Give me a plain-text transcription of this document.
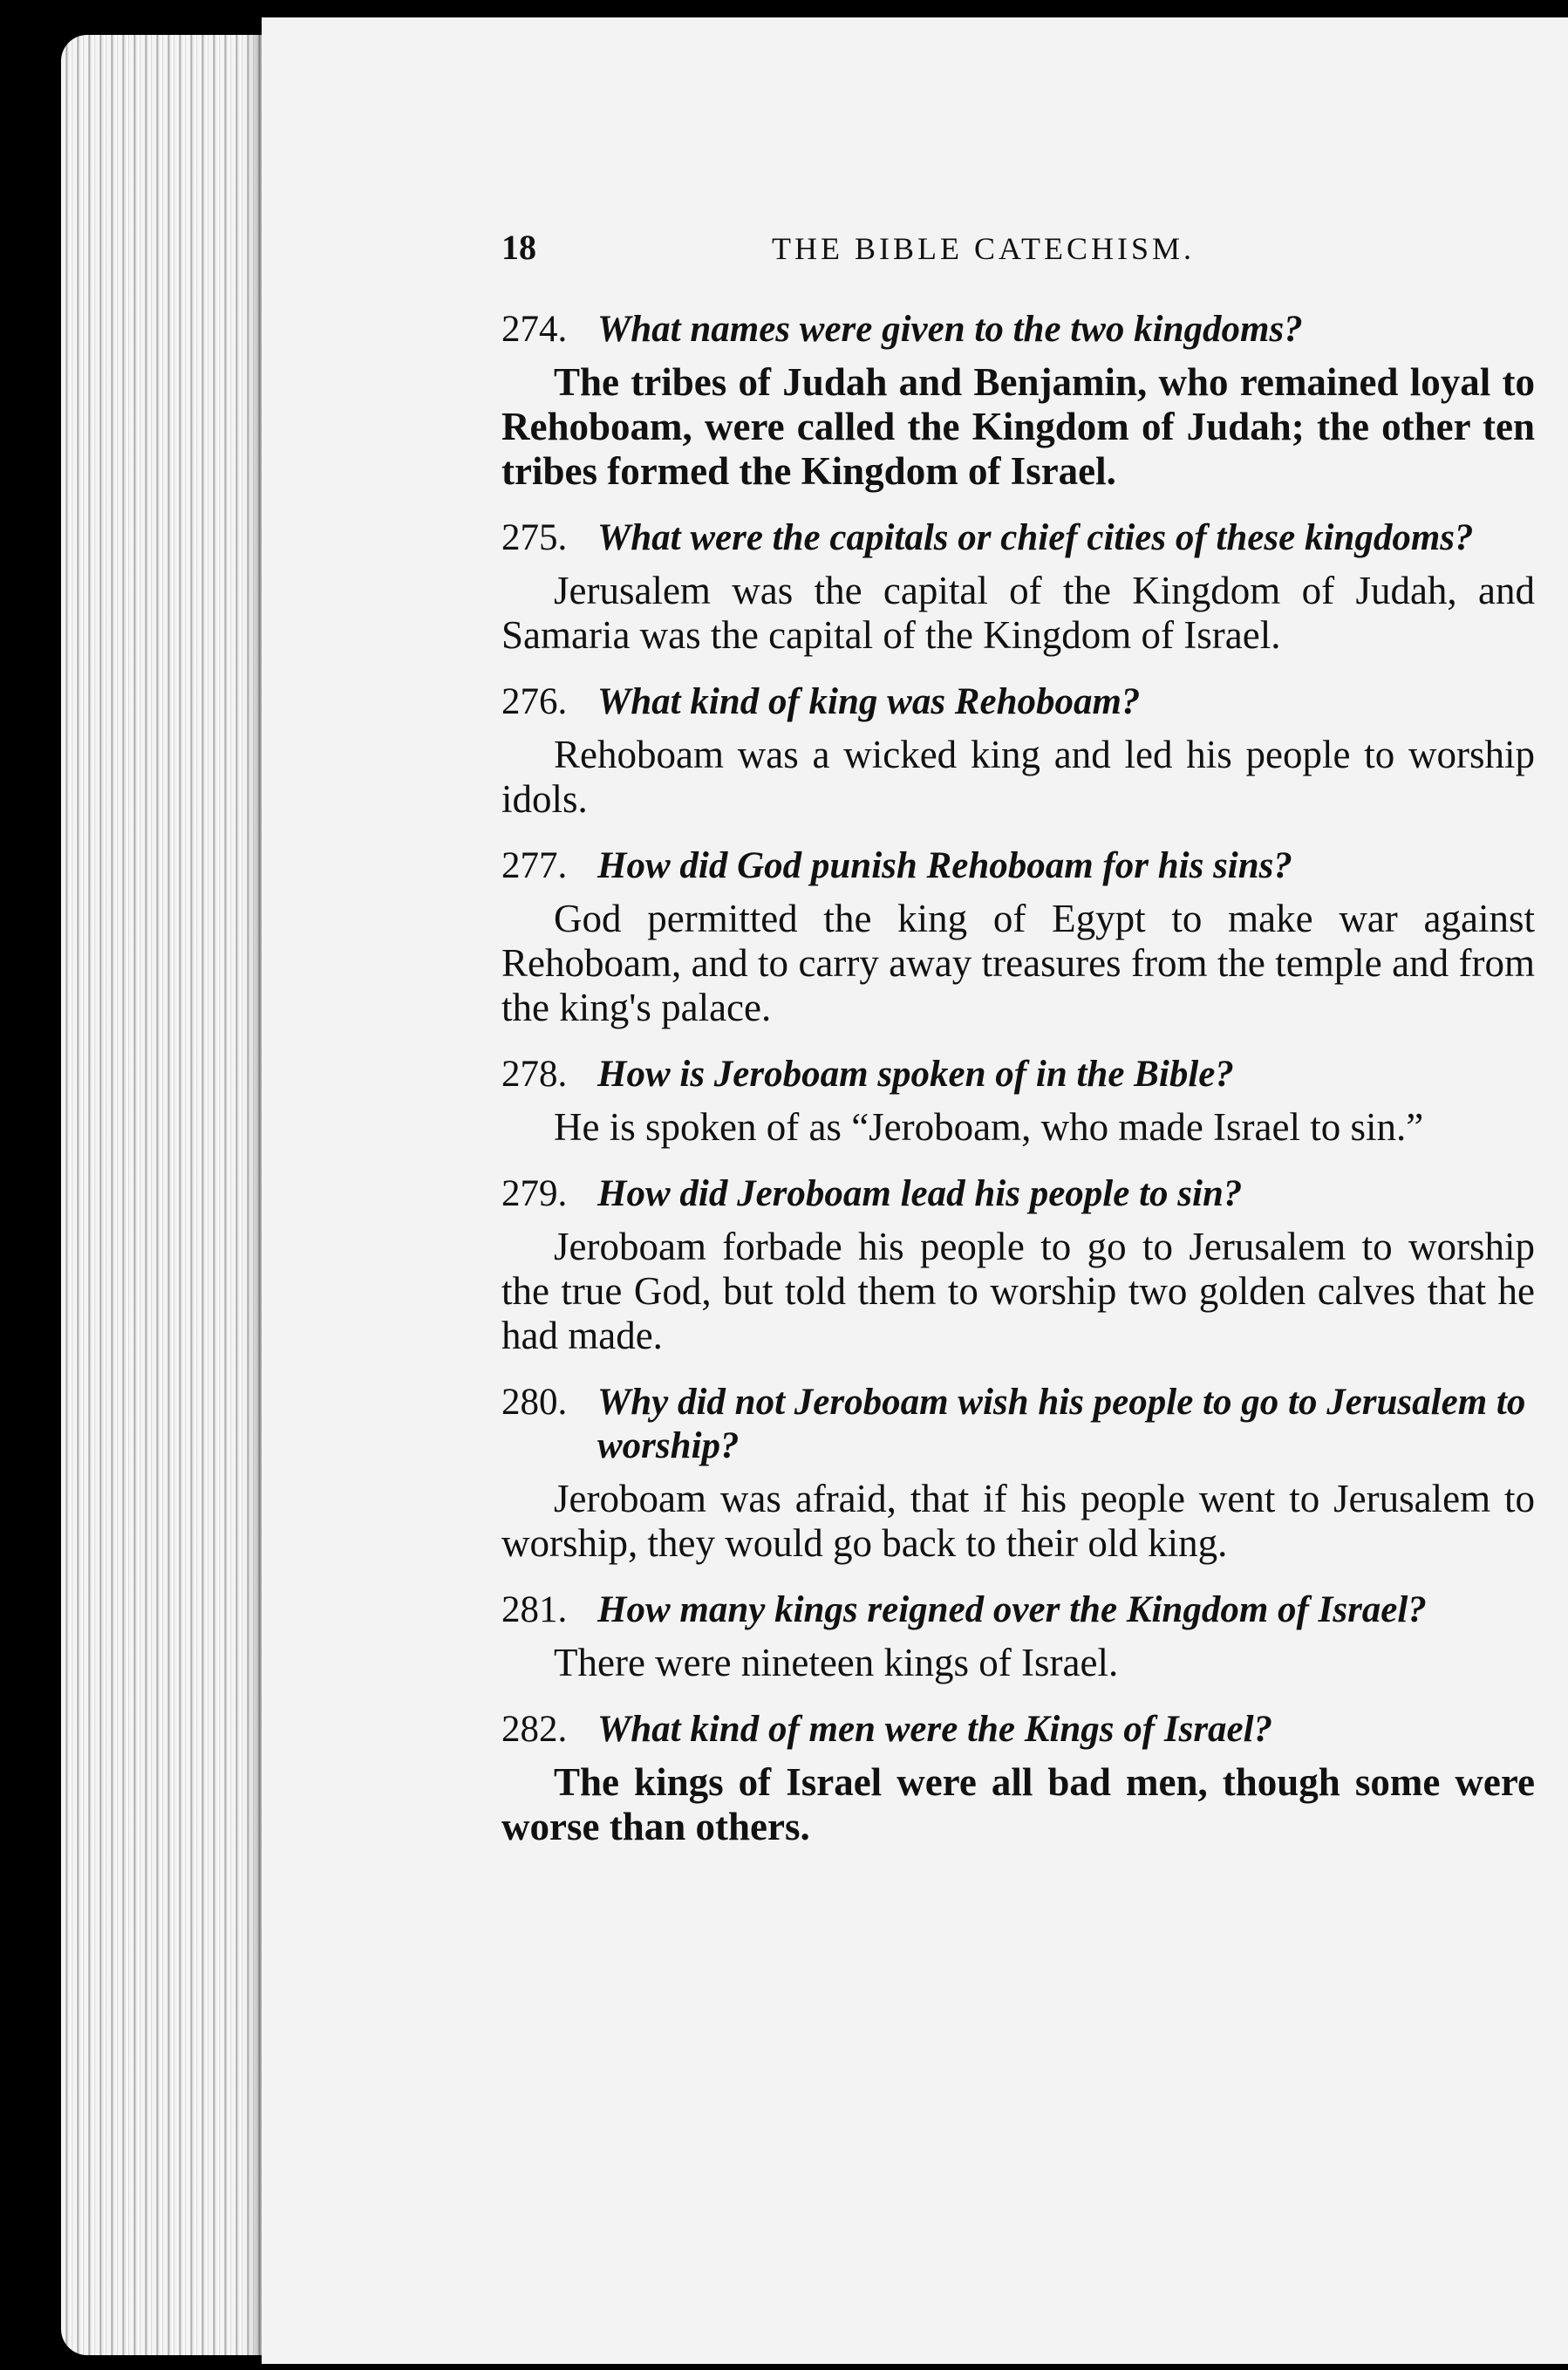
18	THE BIBLE CATECHISM.
274. What names were given to the two kingdoms?
The tribes of Judah and Benjamin, who remained loyal to Rehoboam, were called the Kingdom of Judah; the other ten tribes formed the Kingdom of Israel.
275. What were the capitals or chief cities of these kingdoms?
Jerusalem was the capital of the Kingdom of Judah, and Samaria was the capital of the Kingdom of Israel.
276. What kind of king was Rehoboam?
Rehoboam was a wicked king and led his people to worship idols.
277. How did God punish Rehoboam for his sins?
God permitted the king of Egypt to make war against Rehoboam, and to carry away treasures from the temple and from the king's palace.
278. How is Jeroboam spoken of in the Bible?
He is spoken of as “Jeroboam, who made Israel to sin.”
279. How did Jeroboam lead his people to sin?
Jeroboam forbade his people to go to Jerusalem to worship the true God, but told them to worship two golden calves that he had made.
280. Why did not Jeroboam wish his people to go to Jerusalem to worship?
Jeroboam was afraid, that if his people went to Jerusalem to worship, they would go back to their old king.
281. How many kings reigned over the Kingdom of Israel?
There were nineteen kings of Israel.
282. What kind of men were the Kings of Israel?
The kings of Israel were all bad men, though some were worse than others.
